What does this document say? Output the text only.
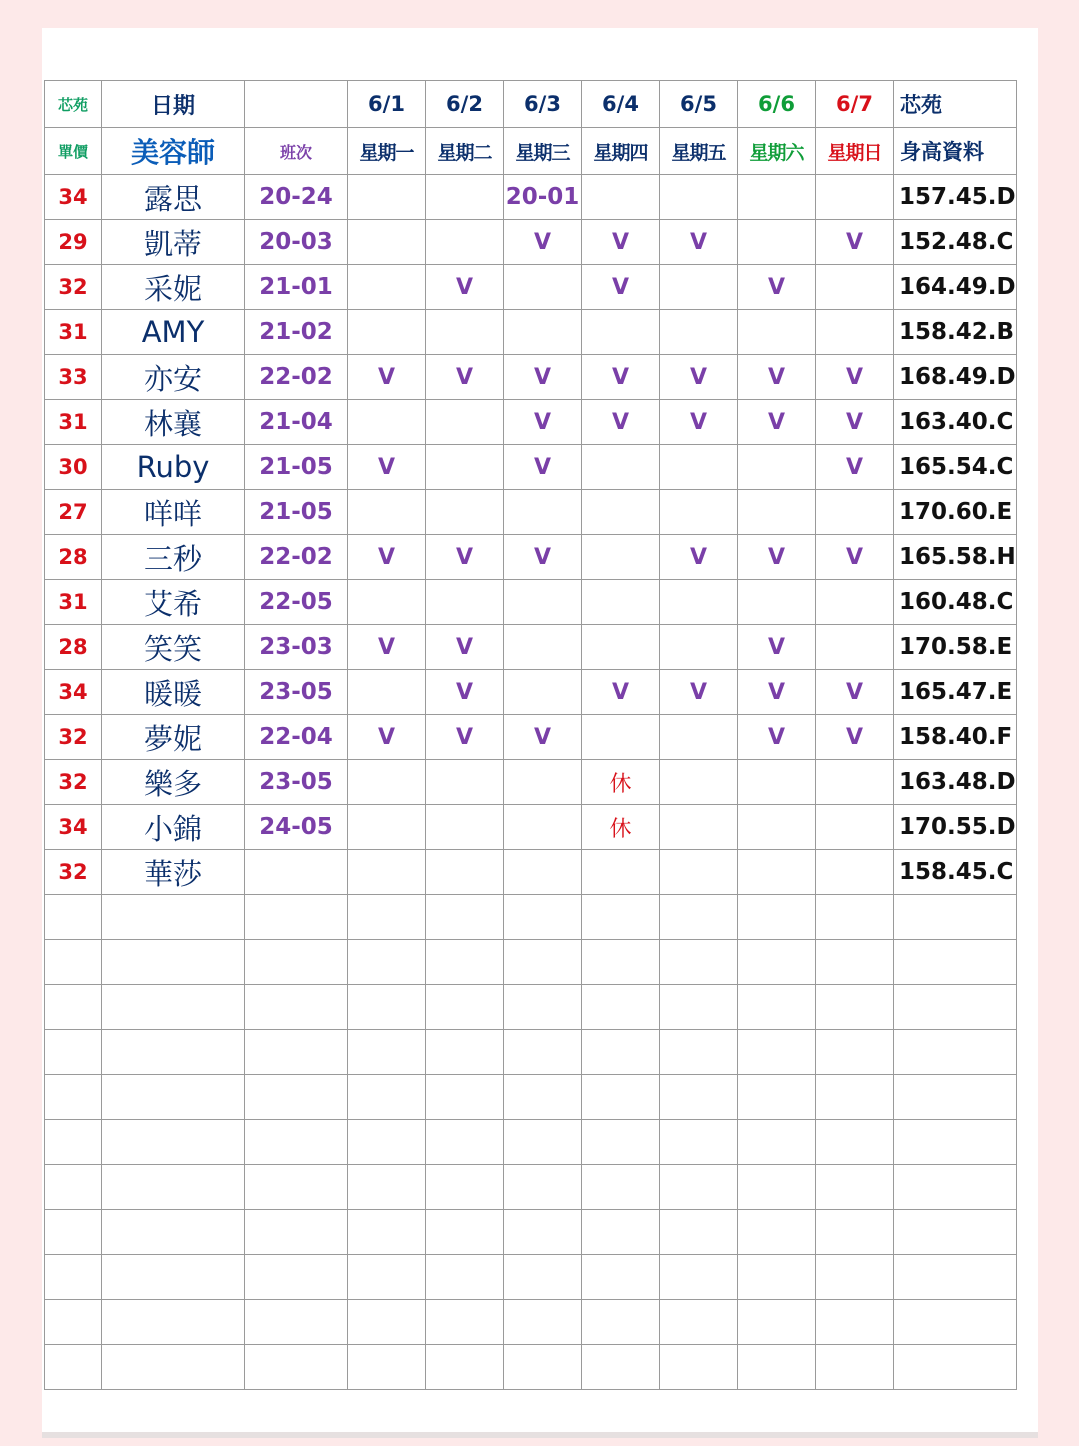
芯苑	日期		6/1	6/2	6/3	6/4	6/5	6/6	6/7	芯苑
單價	美容師	班次	星期一	星期二	星期三	星期四	星期五	星期六	星期日	身高資料
34	露思	20-24			20-01					157.45.D
29	凱蒂	20-03			V	V	V		V	152.48.C
32	采妮	21-01		V		V		V		164.49.D
31	AMY	21-02								158.42.B
33	亦安	22-02	V	V	V	V	V	V	V	168.49.D
31	林襄	21-04			V	V	V	V	V	163.40.C
30	Ruby	21-05	V		V				V	165.54.C
27	咩咩	21-05								170.60.E
28	三秒	22-02	V	V	V		V	V	V	165.58.H
31	艾希	22-05								160.48.C
28	笑笑	23-03	V	V				V		170.58.E
34	暖暖	23-05		V		V	V	V	V	165.47.E
32	夢妮	22-04	V	V	V			V	V	158.40.F
32	樂多	23-05				休				163.48.D
34	小錦	24-05				休				170.55.D
32	華莎									158.45.C
